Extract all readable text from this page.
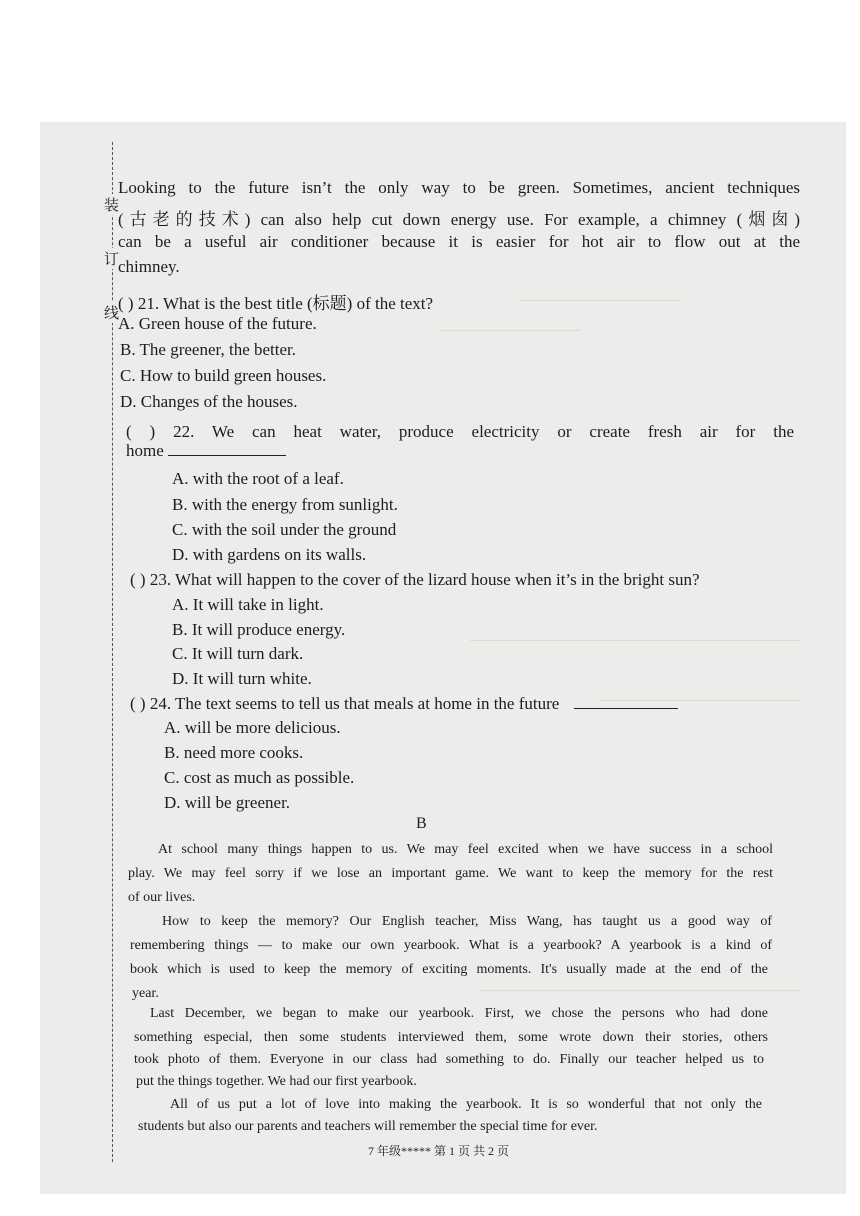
装
订
线
Looking to the future isn’t the only way to be green. Sometimes, ancient techniques
(古老的技术) can also help cut down energy use. For example, a chimney (烟囱)
can be a useful air conditioner because it is easier for hot air to flow out at the
chimney.
( ) 21. What is the best title (标题) of the text?
A. Green house of the future.
B. The greener, the better.
C. How to build green houses.
D. Changes of the houses.
( ) 22. We can heat water, produce electricity or create fresh air for the
home
A. with the root of a leaf.
B. with the energy from sunlight.
C. with the soil under the ground
D. with gardens on its walls.
( ) 23. What will happen to the cover of the lizard house when it’s in the bright sun?
A. It will take in light.
B. It will produce energy.
C. It will turn dark.
D. It will turn white.
( ) 24. The text seems to tell us that meals at home in the future
A. will be more delicious.
B. need more cooks.
C. cost as much as possible.
D. will be greener.
B
At school many things happen to us. We may feel excited when we have success in a school
play. We may feel sorry if we lose an important game. We want to keep the memory for the rest
of our lives.
How to keep the memory? Our English teacher, Miss Wang, has taught us a good way of
remembering things — to make our own yearbook. What is a yearbook? A yearbook is a kind of
book which is used to keep the memory of exciting moments. It's usually made at the end of the
year.
Last December, we began to make our yearbook. First, we chose the persons who had done
something especial, then some students interviewed them, some wrote down their stories, others
took photo of them. Everyone in our class had something to do. Finally our teacher helped us to
put the things together. We had our first yearbook.
All of us put a lot of love into making the yearbook. It is so wonderful that not only the
students but also our parents and teachers will remember the special time for ever.
7 年级***** 第 1 页 共 2 页
